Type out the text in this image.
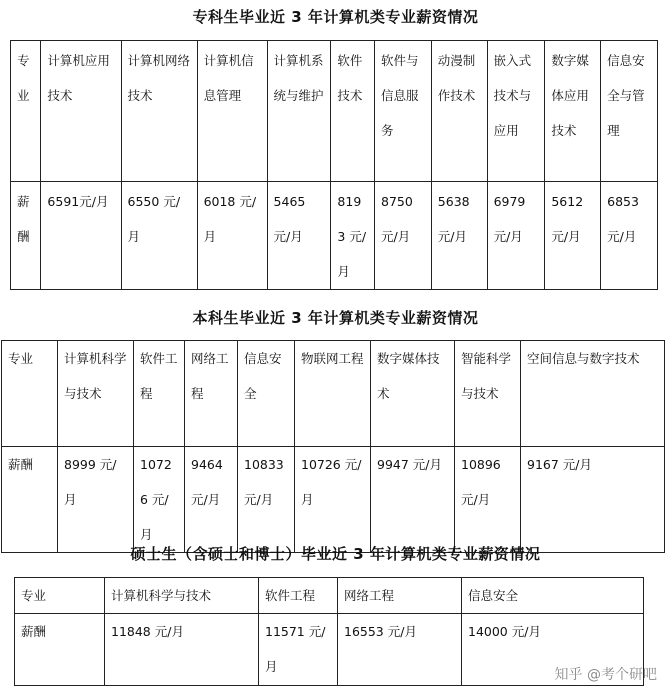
专科生毕业近 3 年计算机类专业薪资情况
专业	计算机应用技术	计算机网络技术	计算机信息管理	计算机系统与维护	软件技术	软件与信息服务	动漫制作技术	嵌入式技术与应用	数字媒体应用技术	信息安全与管理
薪酬	6591元/月	6550 元/月	6018 元/月	5465 元/月	8193 元/月	8750 元/月	5638 元/月	6979 元/月	5612 元/月	6853 元/月
本科生毕业近 3 年计算机类专业薪资情况
专业	计算机科学与技术	软件工程	网络工程	信息安全	物联网工程	数字媒体技术	智能科学与技术	空间信息与数字技术
薪酬	8999 元/月	10726 元/月	9464 元/月	10833 元/月	10726 元/月	9947 元/月	10896 元/月	9167 元/月
硕士生（含硕士和博士）毕业近 3 年计算机类专业薪资情况
专业	计算机科学与技术	软件工程	网络工程	信息安全
薪酬	11848 元/月	11571 元/月	16553 元/月	14000 元/月
知乎 @考个研吧
